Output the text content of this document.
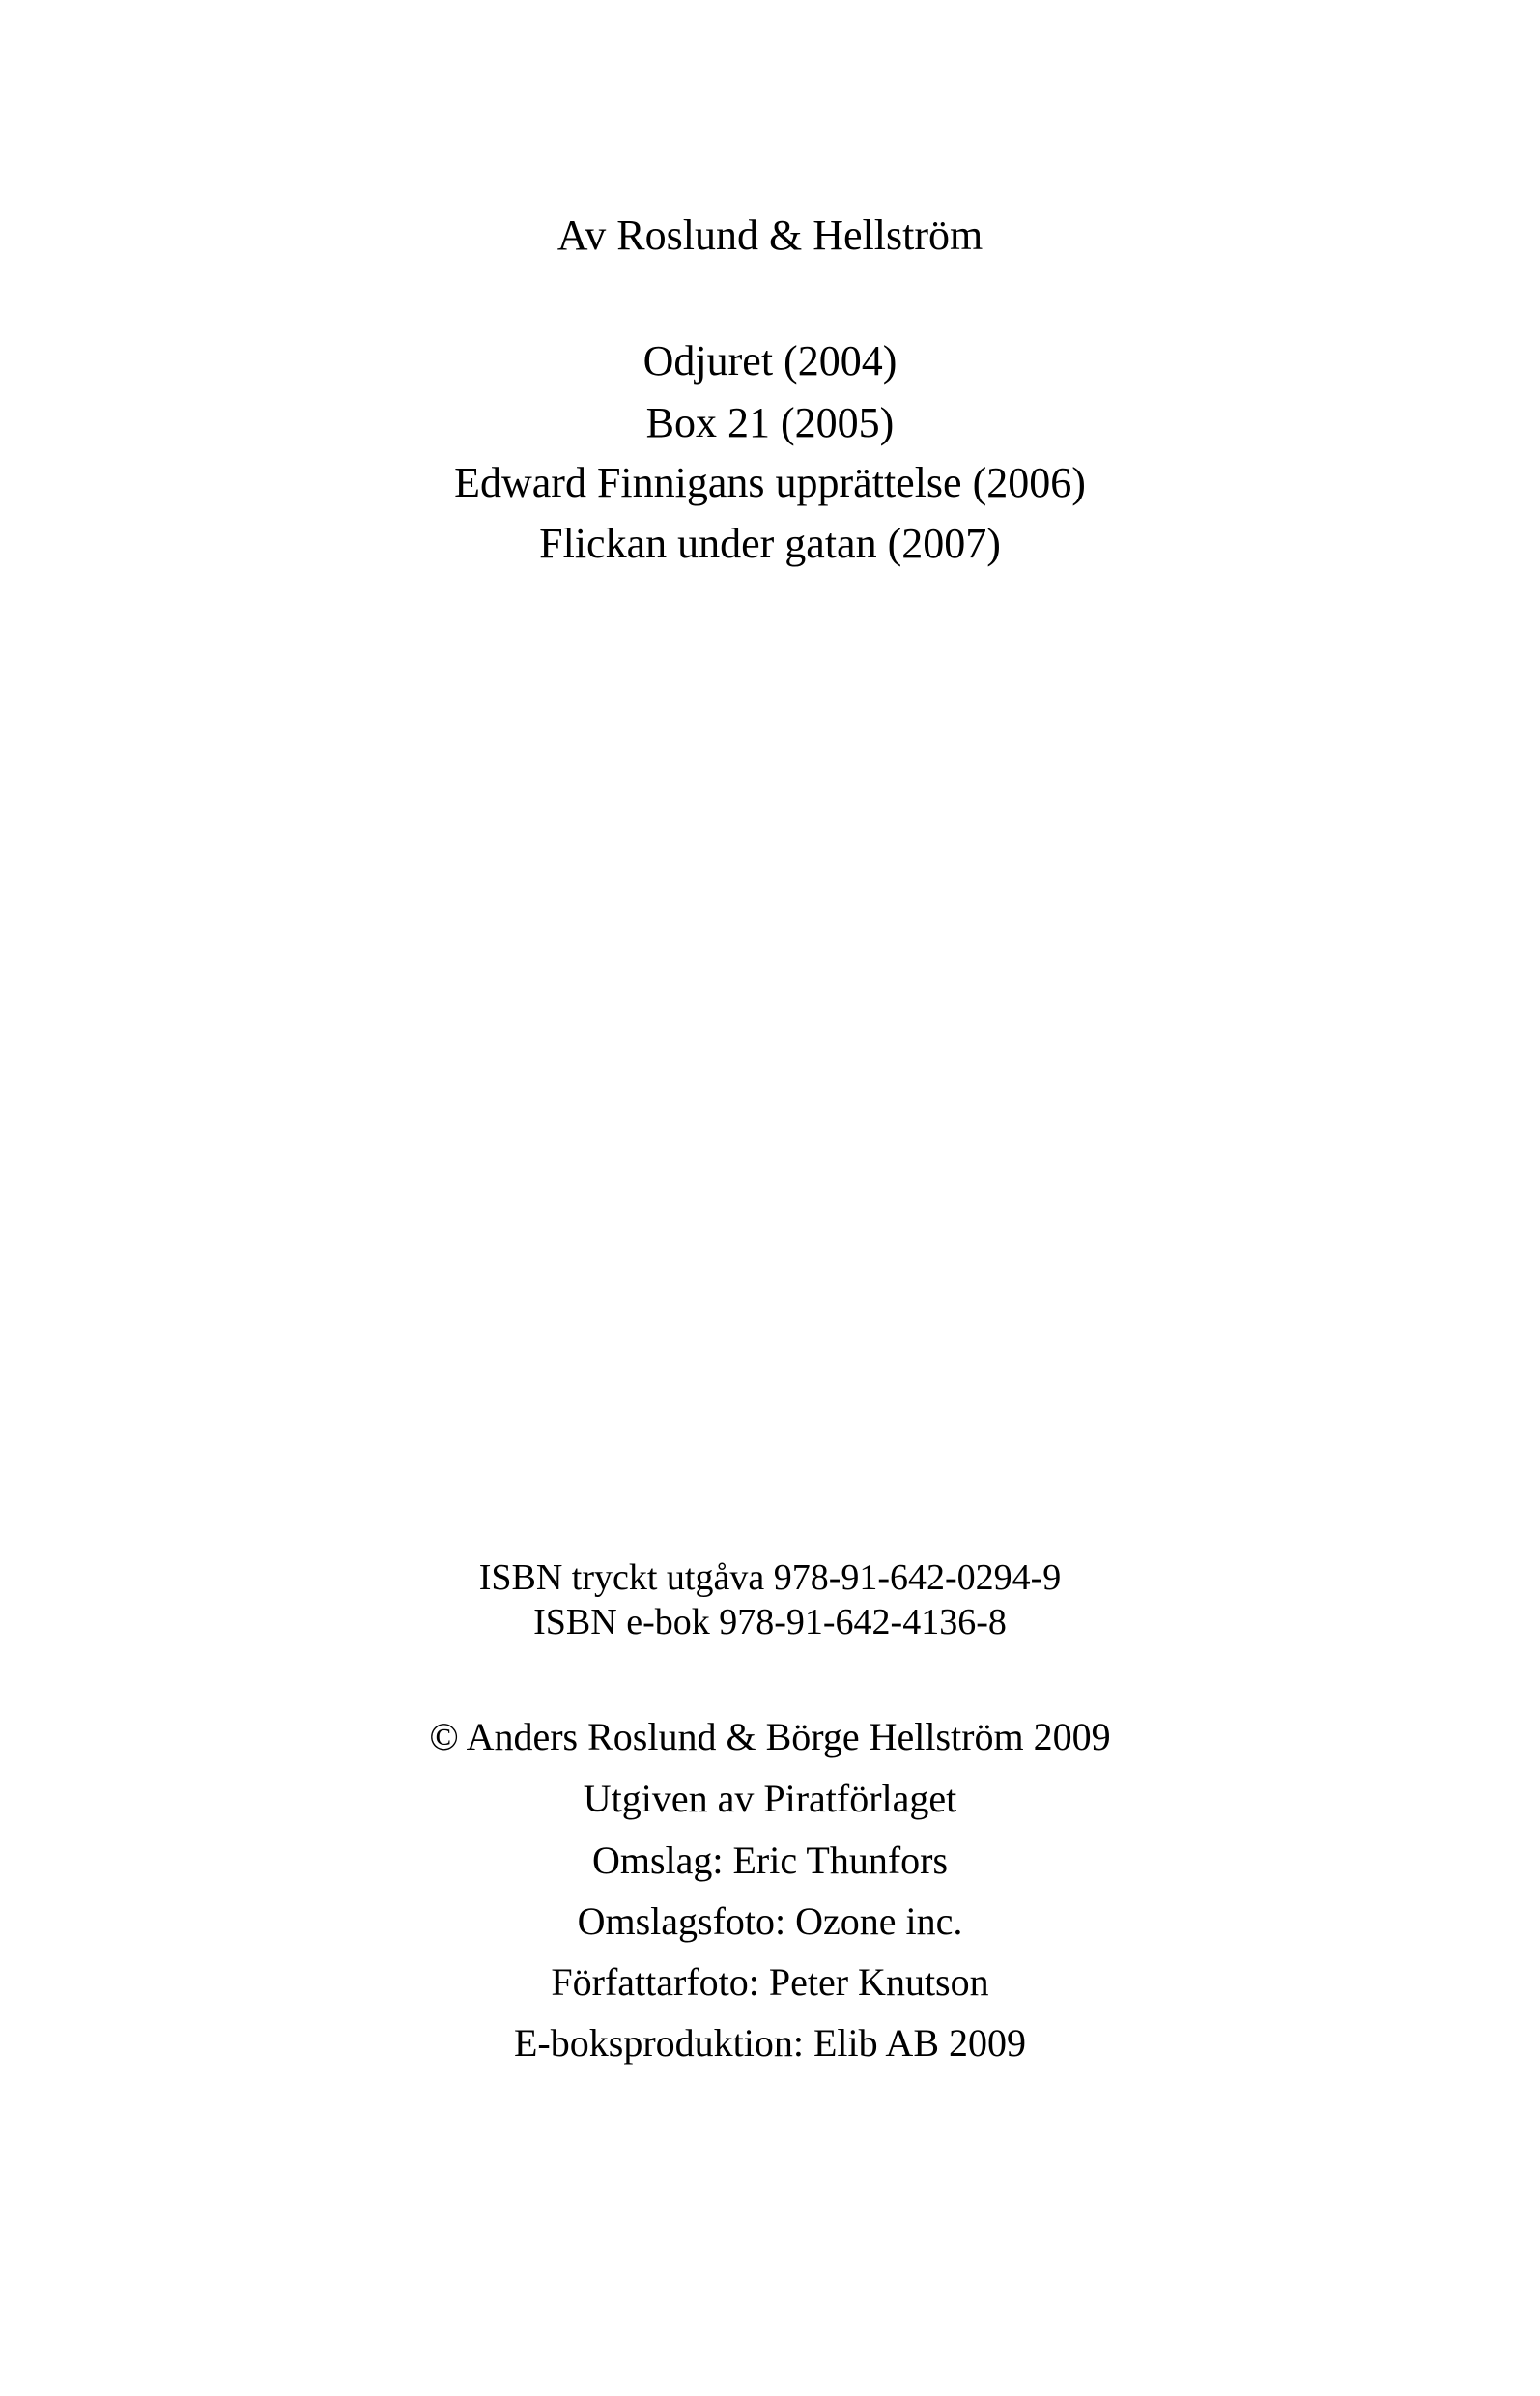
Av Roslund & Hellström
Odjuret (2004)
Box 21 (2005)
Edward Finnigans upprättelse (2006)
Flickan under gatan (2007)
ISBN tryckt utgåva 978-91-642-0294-9
ISBN e-bok 978-91-642-4136-8
© Anders Roslund & Börge Hellström 2009
Utgiven av Piratförlaget
Omslag: Eric Thunfors
Omslagsfoto: Ozone inc.
Författarfoto: Peter Knutson
E-boksproduktion: Elib AB 2009
